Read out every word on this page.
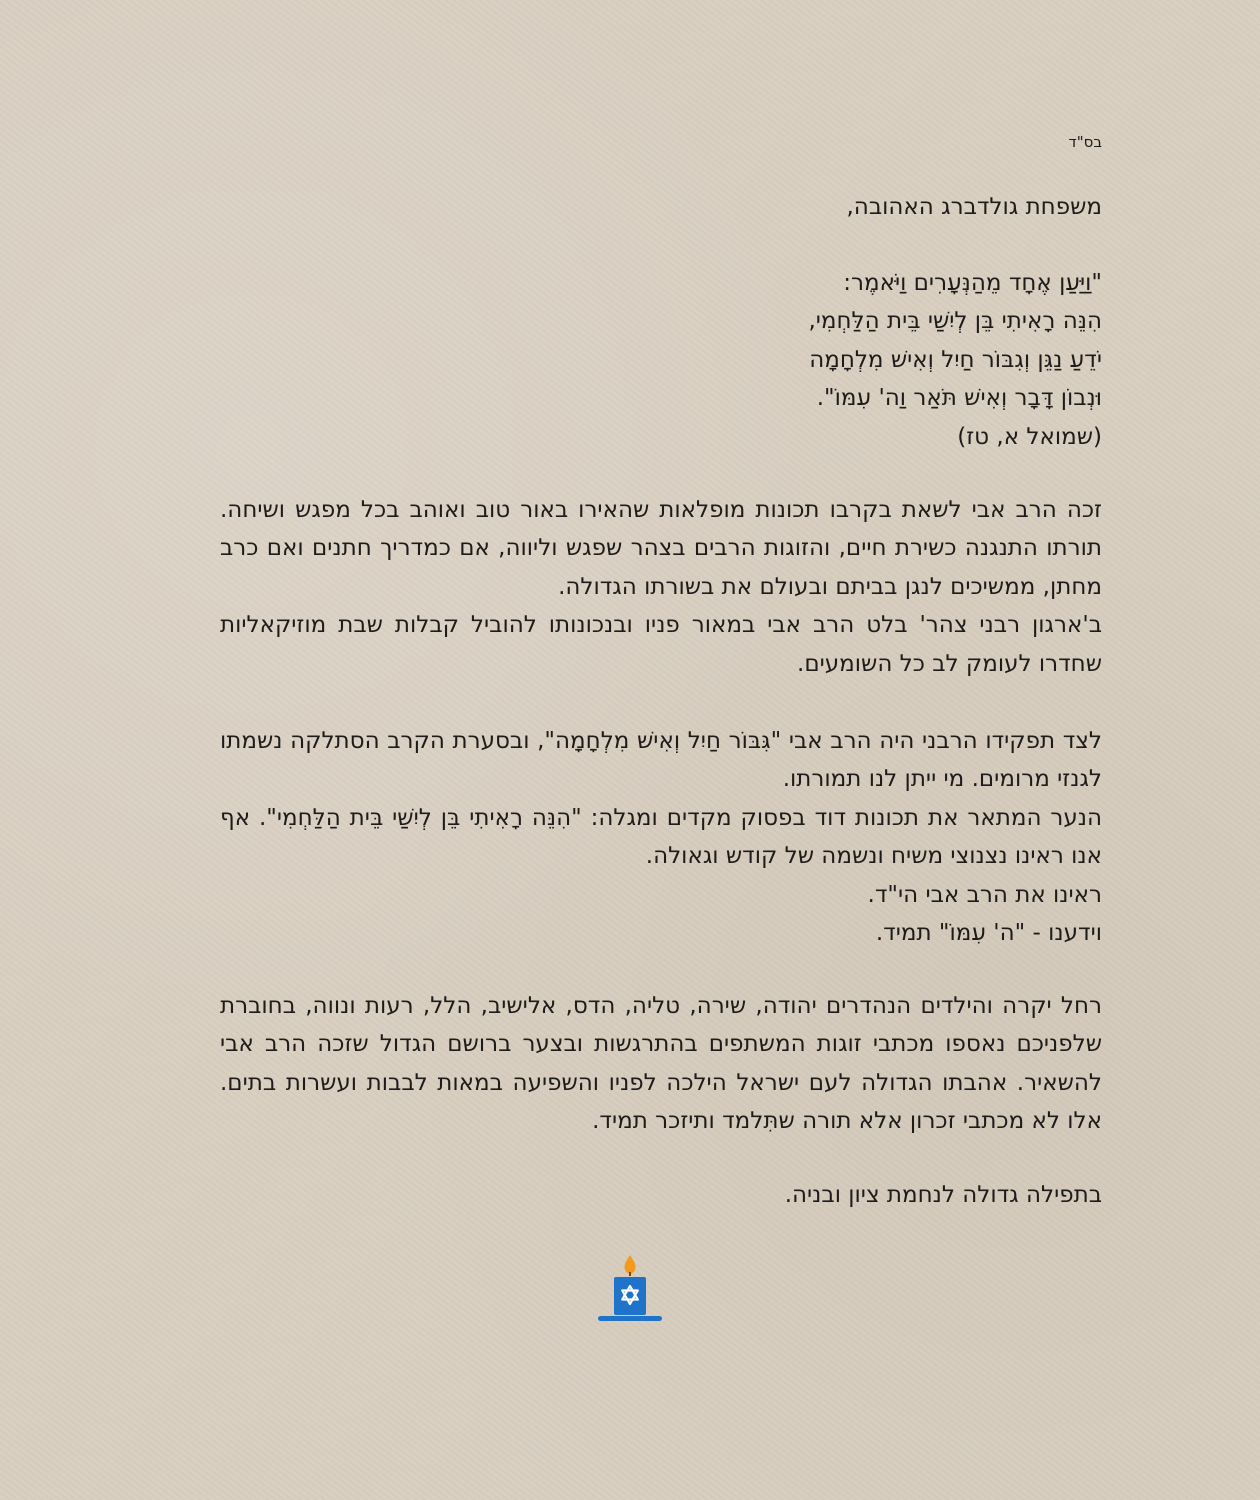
בס"ד
משפחת גולדברג האהובה,
"וַיַּעַן אֶחָד מֵהַנְּעָרִים וַיֹּאמֶר:
הִנֵּה רָאִיתִי בֵּן לְיִשַׁי בֵּית הַלַּחְמִי,
יֹדֵעַ נַגֵּן וְגִבּוֹר חַיִל וְאִישׁ מִלְחָמָה
וּנְבוֹן דָּבָר וְאִישׁ תֹּאַר וַה' עִמּוֹ".
(שמואל א, טז)

זכה הרב אבי לשאת בקרבו תכונות מופלאות שהאירו באור טוב ואוהב בכל מפגש ושיחה. תורתו התנגנה כשירת חיים, והזוגות הרבים בצהר שפגש וליווה, אם כמדריך חתנים ואם כרב מחתן, ממשיכים לנגן בביתם ובעולם את בשורתו הגדולה.

ב'ארגון רבני צהר' בלט הרב אבי במאור פניו ובנכונותו להוביל קבלות שבת מוזיקאליות שחדרו לעומק לב כל השומעים.

לצד תפקידו הרבני היה הרב אבי "גִּבּוֹר חַיִל וְאִישׁ מִלְחָמָה", ובסערת הקרב הסתלקה נשמתו לגנזי מרומים. מי ייתן לנו תמורתו.

הנער המתאר את תכונות דוד בפסוק מקדים ומגלה: "הִנֵּה רָאִיתִי בֵּן לְיִשַׁי בֵּית הַלַּחְמִי". אף אנו ראינו נצנוצי משיח ונשמה של קודש וגאולה.

ראינו את הרב אבי הי"ד.

וידענו - "ה' עִמּוֹ" תמיד.

רחל יקרה והילדים הנהדרים יהודה, שירה, טליה, הדס, אלישיב, הלל, רעות ונווה, בחוברת שלפניכם נאספו מכתבי זוגות המשתפים בהתרגשות ובצער ברושם הגדול שזכה הרב אבי להשאיר. אהבתו הגדולה לעם ישראל הילכה לפניו והשפיעה במאות לבבות ועשרות בתים. אלו לא מכתבי זכרון אלא תורה שתִּלמד ותיזכר תמיד.

בתפילה גדולה לנחמת ציון ובניה.
